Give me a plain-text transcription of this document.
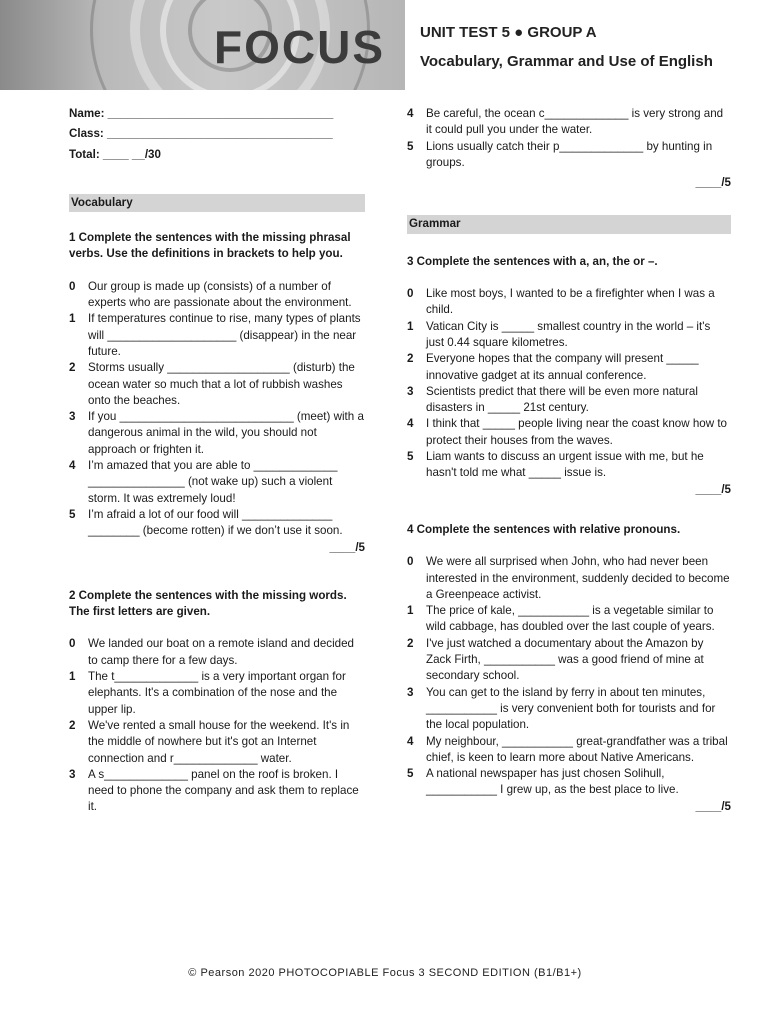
FOCUS UNIT TEST 5 ● GROUP A
Vocabulary, Grammar and Use of English
Name: ___________________________________
Class: ___________________________________
Total: ____ __/30
Vocabulary
1 Complete the sentences with the missing phrasal verbs. Use the definitions in brackets to help you.
0	Our group is made up (consists) of a number of experts who are passionate about the environment.
1	If temperatures continue to rise, many types of plants will ____________________ (disappear) in the near future.
2	Storms usually ___________________ (disturb) the ocean water so much that a lot of rubbish washes onto the beaches.
3	If you ___________________________ (meet) with a dangerous animal in the wild, you should not approach or frighten it.
4	I’m amazed that you are able to _____________ _______________ (not wake up) such a violent storm. It was extremely loud!
5	I’m afraid a lot of our food will ______________ ________ (become rotten) if we don’t use it soon.
____/5
2 Complete the sentences with the missing words. The first letters are given.
0	We landed our boat on a remote island and decided to camp there for a few days.
1	The t_____________ is a very important organ for elephants. It's a combination of the nose and the upper lip.
2	We've rented a small house for the weekend. It's in the middle of nowhere but it's got an Internet connection and r_____________ water.
3	A s_____________ panel on the roof is broken. I need to phone the company and ask them to replace it.
4	Be careful, the ocean c_____________ is very strong and it could pull you under the water.
5	Lions usually catch their p_____________ by hunting in groups.
____/5
Grammar
3 Complete the sentences with a, an, the or –.
0	Like most boys, I wanted to be a firefighter when I was a child.
1	Vatican City is _____ smallest country in the world – it's just 0.44 square kilometres.
2	Everyone hopes that the company will present _____ innovative gadget at its annual conference.
3	Scientists predict that there will be even more natural disasters in _____ 21st century.
4	I think that _____ people living near the coast know how to protect their houses from the waves.
5	Liam wants to discuss an urgent issue with me, but he hasn't told me what _____ issue is.
____/5
4 Complete the sentences with relative pronouns.
0	We were all surprised when John, who had never been interested in the environment, suddenly decided to become a Greenpeace activist.
1	The price of kale, ___________ is a vegetable similar to wild cabbage, has doubled over the last couple of years.
2	I've just watched a documentary about the Amazon by Zack Firth, ___________ was a good friend of mine at secondary school.
3	You can get to the island by ferry in about ten minutes, ___________ is very convenient both for tourists and for the local population.
4	My neighbour, ___________ great-grandfather was a tribal chief, is keen to learn more about Native Americans.
5	A national newspaper has just chosen Solihull, ___________ I grew up, as the best place to live.
____/5
© Pearson 2020 PHOTOCOPIABLE Focus 3 SECOND EDITION (B1/B1+)
